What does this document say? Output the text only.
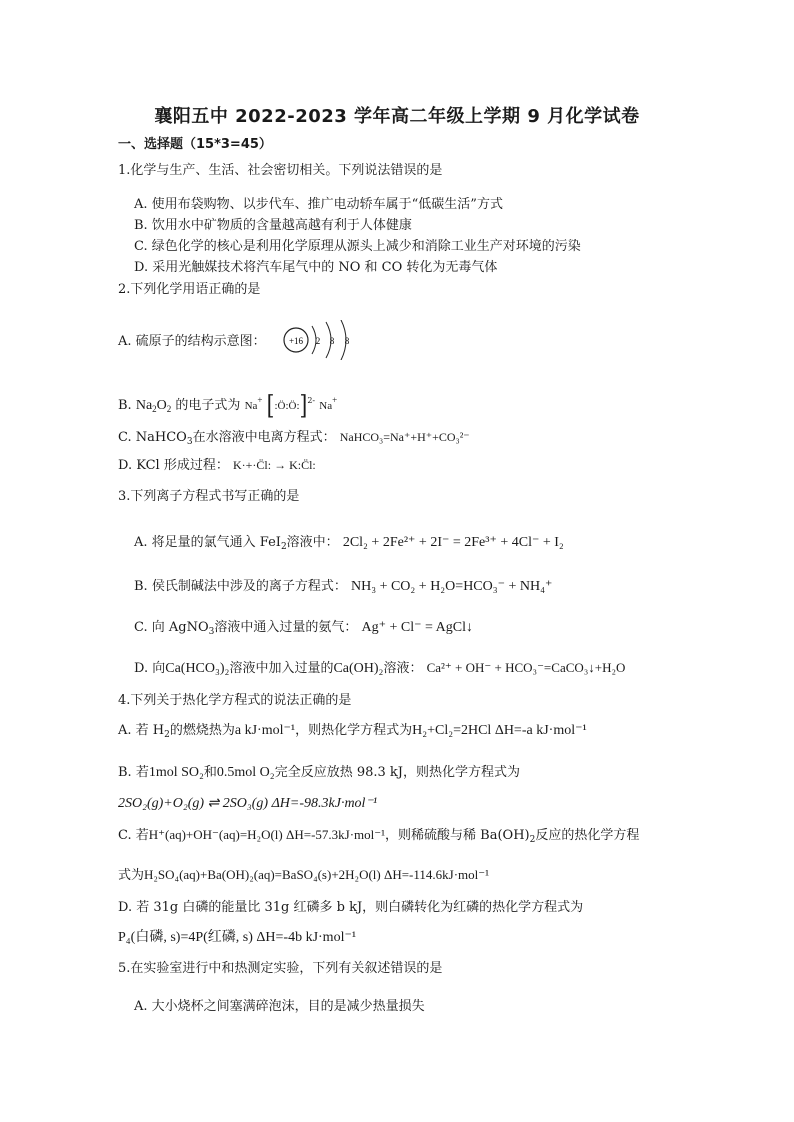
襄阳五中 2022-2023 学年高二年级上学期 9 月化学试卷
一、选择题（15*3=45）
1.化学与生产、生活、社会密切相关。下列说法错误的是
A. 使用布袋购物、以步代车、推广电动轿车属于“低碳生活”方式
B. 饮用水中矿物质的含量越高越有利于人体健康
C. 绿色化学的核心是利用化学原理从源头上减少和消除工业生产对环境的污染
D. 采用光触媒技术将汽车尾气中的 NO 和 CO 转化为无毒气体
2.下列化学用语正确的是
A. 硫原子的结构示意图：	+16 2 8 8
B. $Na_2O_2$ 的电子式为 Na+ [:Ö:Ö:]$^{2-}$ Na+
C. NaHCO$_3$在水溶液中电离方程式： NaHCO₃=Na⁺+H⁺+CO₃²⁻
D. KCl 形成过程： K·+·C̈l: → K:C̈l:
3.下列离子方程式书写正确的是
A. 将足量的氯气通入 FeI$_2$溶液中： 2Cl₂ + 2Fe²⁺ + 2I⁻ = 2Fe³⁺ + 4Cl⁻ + I₂
B. 侯氏制碱法中涉及的离子方程式： NH₃ + CO₂ + H₂O=HCO₃⁻ + NH₄⁺
C. 向 AgNO$_3$溶液中通入过量的氨气： Ag⁺ + Cl⁻ = AgCl↓
D. 向Ca(HCO₃)₂溶液中加入过量的Ca(OH)₂溶液： Ca²⁺ + OH⁻ + HCO₃⁻=CaCO₃↓+H₂O
4.下列关于热化学方程式的说法正确的是
A. 若 $H_2$的燃烧热为a kJ·mol⁻¹，则热化学方程式为H₂+Cl₂=2HCl ΔH=-a kJ·mol⁻¹
B. 若1mol SO₂和0.5mol O₂完全反应放热 98.3 kJ，则热化学方程式为
2SO₂(g)+O₂(g) ⇌ 2SO₃(g) ΔH=-98.3kJ·mol⁻¹
C. 若H⁺(aq)+OH⁻(aq)=H₂O(l) ΔH=-57.3kJ·mol⁻¹，则稀硫酸与稀 $Ba(OH)_2$反应的热化学方程
式为H₂SO₄(aq)+Ba(OH)₂(aq)=BaSO₄(s)+2H₂O(l) ΔH=-114.6kJ·mol⁻¹
D. 若 31g 白磷的能量比 31g 红磷多 b kJ，则白磷转化为红磷的热化学方程式为
P₄(白磷, s)=4P(红磷, s) ΔH=-4b kJ·mol⁻¹
5.在实验室进行中和热测定实验，下列有关叙述错误的是
A. 大小烧杯之间塞满碎泡沫，目的是减少热量损失
